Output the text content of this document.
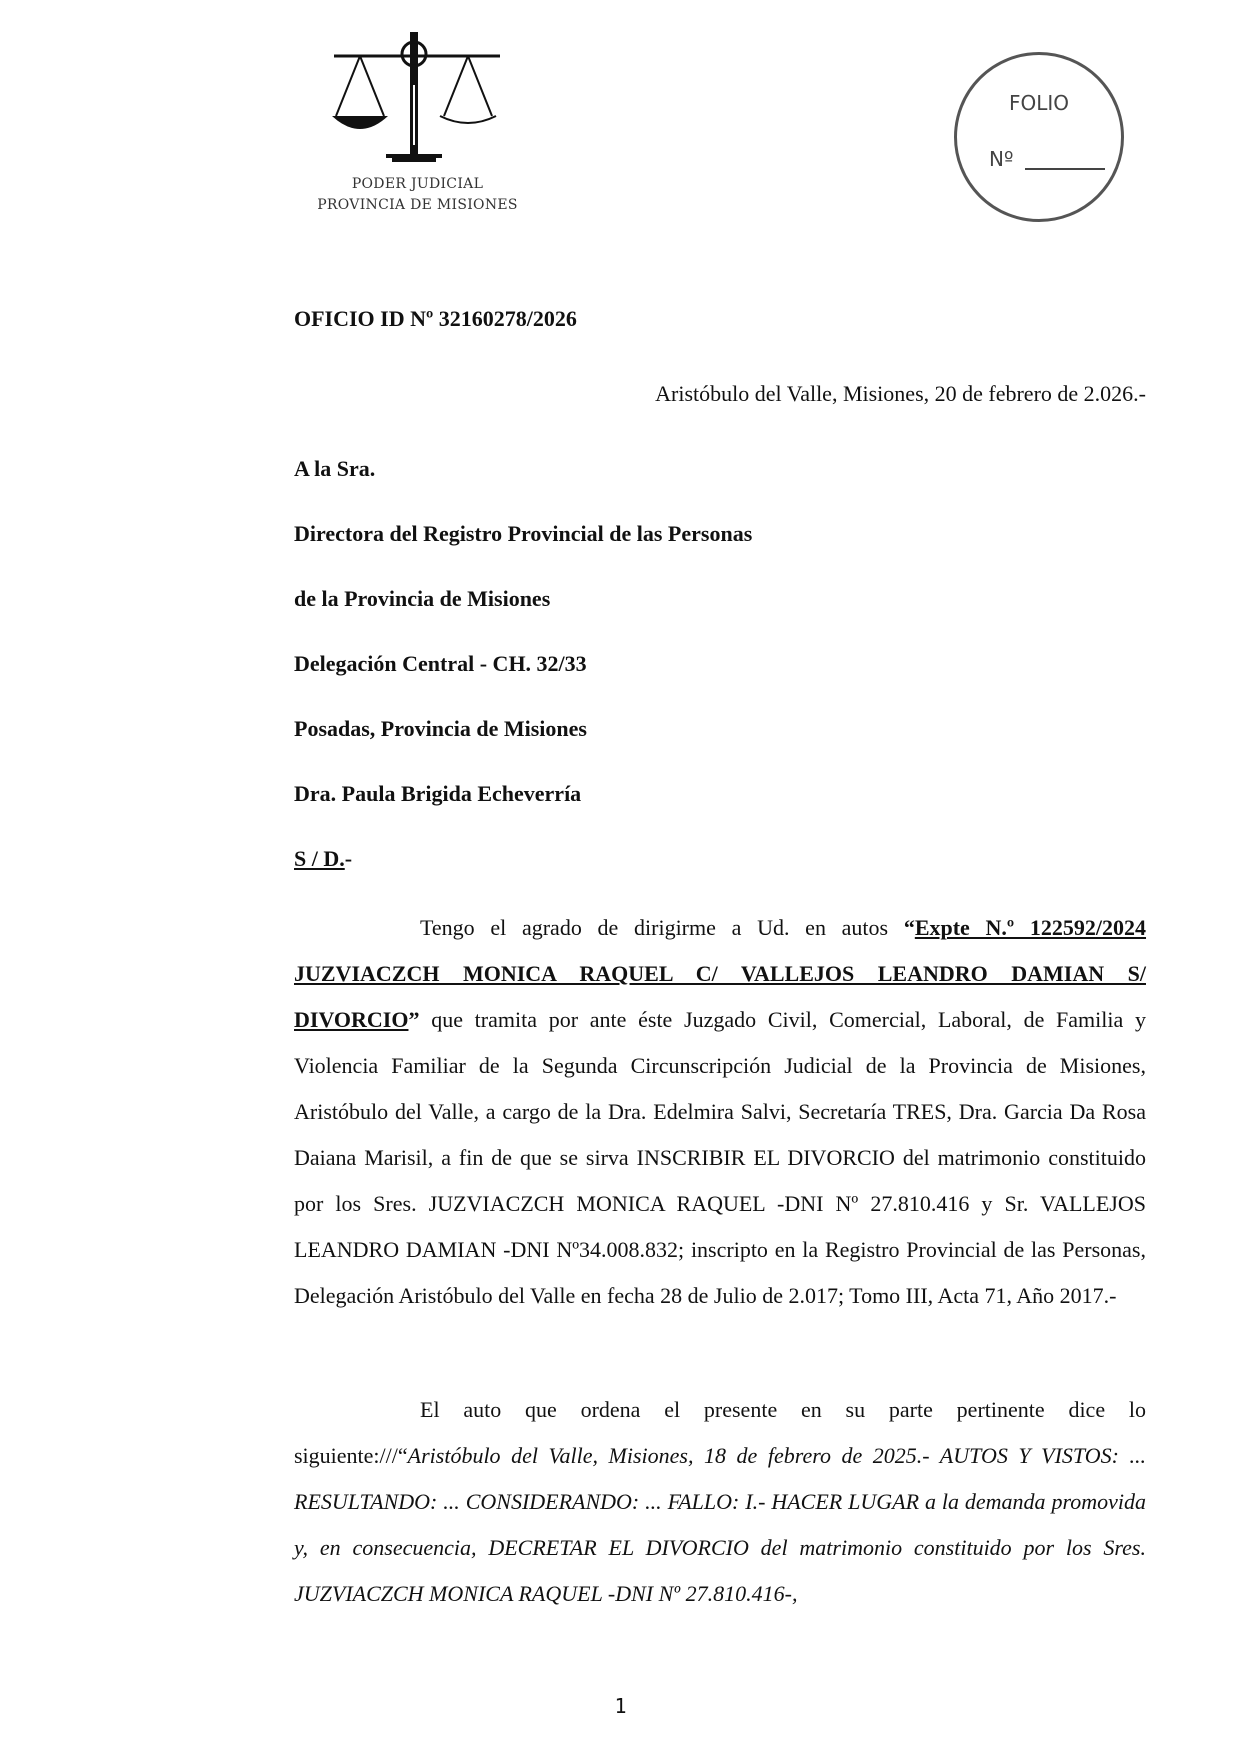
PODER JUDICIAL
PROVINCIA DE MISIONES
FOLIO
Nº
OFICIO ID Nº 32160278/2026
Aristóbulo del Valle, Misiones, 20 de febrero de 2.026.-
A la Sra.
Directora del Registro Provincial de las Personas
de la Provincia de Misiones
Delegación Central - CH. 32/33
Posadas, Provincia de Misiones
Dra. Paula Brigida Echeverría
S / D.-
Tengo el agrado de dirigirme a Ud. en autos “Expte N.º 122592/2024 JUZVIACZCH MONICA RAQUEL C/ VALLEJOS LEANDRO DAMIAN S/ DIVORCIO” que tramita por ante éste Juzgado Civil, Comercial, Laboral, de Familia y Violencia Familiar de la Segunda Circunscripción Judicial de la Provincia de Misiones, Aristóbulo del Valle, a cargo de la Dra. Edelmira Salvi, Secretaría TRES, Dra. Garcia Da Rosa Daiana Marisil, a fin de que se sirva INSCRIBIR EL DIVORCIO del matrimonio constituido por los Sres. JUZVIACZCH MONICA RAQUEL -DNI Nº 27.810.416 y Sr. VALLEJOS LEANDRO DAMIAN -DNI Nº34.008.832; inscripto en la Registro Provincial de las Personas, Delegación Aristóbulo del Valle en fecha 28 de Julio de 2.017; Tomo III, Acta 71, Año 2017.-
El auto que ordena el presente en su parte pertinente dice lo siguiente:///“Aristóbulo del Valle, Misiones, 18 de febrero de 2025.- AUTOS Y VISTOS: ... RESULTANDO: ... CONSIDERANDO: ... FALLO: I.- HACER LUGAR a la demanda promovida y, en consecuencia, DECRETAR EL DIVORCIO del matrimonio constituido por los Sres. JUZVIACZCH MONICA RAQUEL -DNI Nº 27.810.416-,
1
